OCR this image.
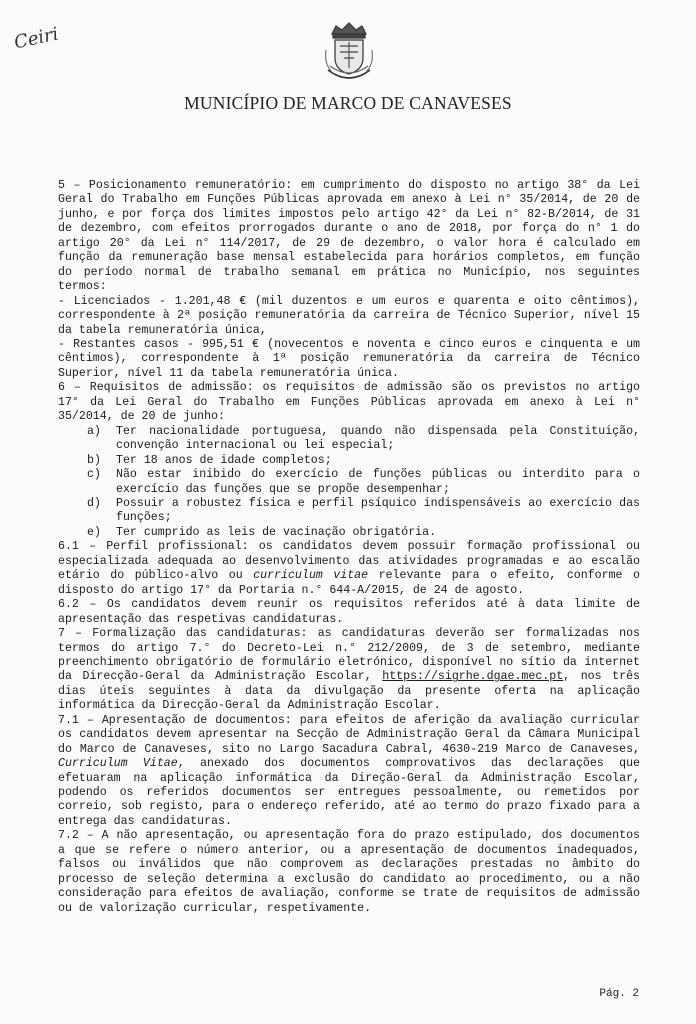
Ceiri
MUNICÍPIO DE MARCO DE CANAVESES

5 – Posicionamento remuneratório: em cumprimento do disposto no artigo 38° da Lei Geral do Trabalho em Funções Públicas aprovada em anexo à Lei n° 35/2014, de 20 de junho, e por força dos limites impostos pelo artigo 42° da Lei n° 82-B/2014, de 31 de dezembro, com efeitos prorrogados durante o ano de 2018, por força do n° 1 do artigo 20° da Lei n° 114/2017, de 29 de dezembro, o valor hora é calculado em função da remuneração base mensal estabelecida para horários completos, em função do período normal de trabalho semanal em prática no Município, nos seguintes termos:

- Licenciados - 1.201,48 € (mil duzentos e um euros e quarenta e oito cêntimos), correspondente à 2ª posição remuneratória da carreira de Técnico Superior, nível 15 da tabela remuneratória única,

- Restantes casos - 995,51 € (novecentos e noventa e cinco euros e cinquenta e um cêntimos), correspondente à 1ª posição remuneratória da carreira de Técnico Superior, nível 11 da tabela remuneratória única.

6 – Requisitos de admissão: os requisitos de admissão são os previstos no artigo 17° da Lei Geral do Trabalho em Funções Públicas aprovada em anexo à Lei n° 35/2014, de 20 de junho:

a) Ter nacionalidade portuguesa, quando não dispensada pela Constituição, convenção internacional ou lei especial;
b) Ter 18 anos de idade completos;
c) Não estar inibido do exercício de funções públicas ou interdito para o exercício das funções que se propõe desempenhar;
d) Possuir a robustez física e perfil psíquico indispensáveis ao exercício das funções;
e) Ter cumprido as leis de vacinação obrigatória.

6.1 – Perfil profissional: os candidatos devem possuir formação profissional ou especializada adequada ao desenvolvimento das atividades programadas e ao escalão etário do público-alvo ou curriculum vitae relevante para o efeito, conforme o disposto do artigo 17° da Portaria n.° 644-A/2015, de 24 de agosto.

6.2 – Os candidatos devem reunir os requisitos referidos até à data limite de apresentação das respetivas candidaturas.

7 – Formalização das candidaturas: as candidaturas deverão ser formalizadas nos termos do artigo 7.° do Decreto-Lei n.° 212/2009, de 3 de setembro, mediante preenchimento obrigatório de formulário eletrónico, disponível no sítio da internet da Direcção-Geral da Administração Escolar, https://sigrhe.dgae.mec.pt, nos três dias úteis seguintes à data da divulgação da presente oferta na aplicação informática da Direcção-Geral da Administração Escolar.

7.1 – Apresentação de documentos: para efeitos de aferição da avaliação curricular os candidatos devem apresentar na Secção de Administração Geral da Câmara Municipal do Marco de Canaveses, sito no Largo Sacadura Cabral, 4630-219 Marco de Canaveses, Curriculum Vitae, anexado dos documentos comprovativos das declarações que efetuaram na aplicação informática da Direção-Geral da Administração Escolar, podendo os referidos documentos ser entregues pessoalmente, ou remetidos por correio, sob registo, para o endereço referido, até ao termo do prazo fixado para a entrega das candidaturas.

7.2 – A não apresentação, ou apresentação fora do prazo estipulado, dos documentos a que se refere o número anterior, ou a apresentação de documentos inadequados, falsos ou inválidos que não comprovem as declarações prestadas no âmbito do processo de seleção determina a exclusão do candidato ao procedimento, ou a não consideração para efeitos de avaliação, conforme se trate de requisitos de admissão ou de valorização curricular, respetivamente.

Pág. 2
